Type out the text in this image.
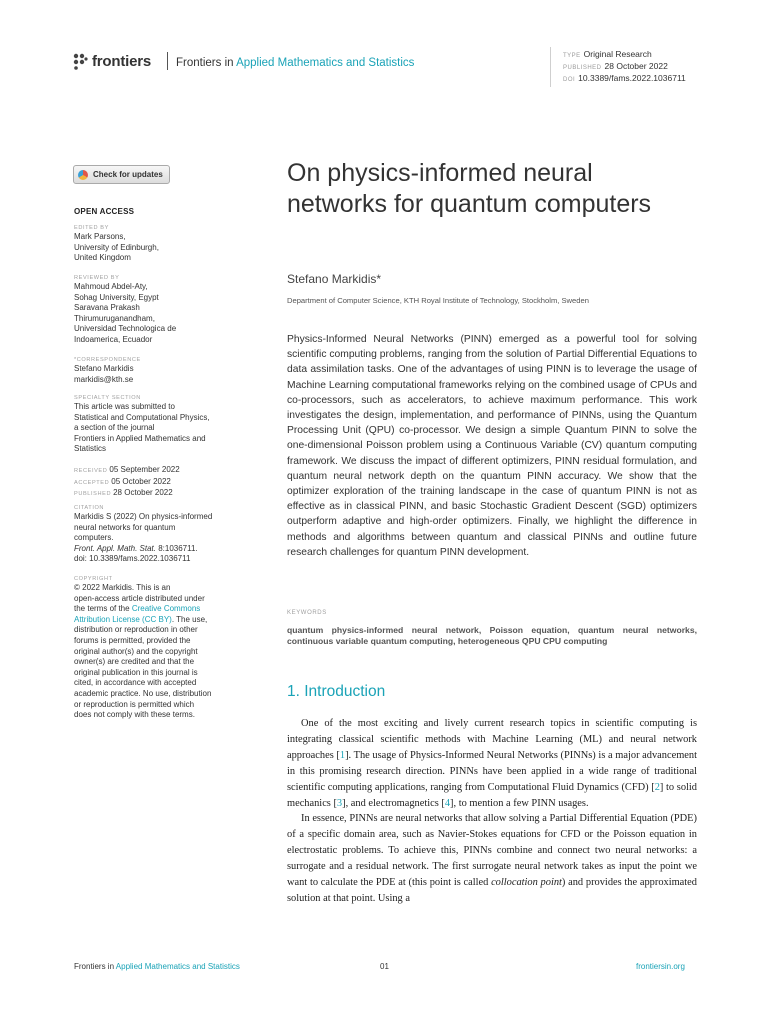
frontiers Frontiers in Applied Mathematics and Statistics
TYPE Original Research
PUBLISHED 28 October 2022
DOI 10.3389/fams.2022.1036711
Check for updates
OPEN ACCESS
EDITED BY
Mark Parsons,
University of Edinburgh,
United Kingdom
REVIEWED BY
Mahmoud Abdel-Aty,
Sohag University, Egypt
Saravana Prakash
Thirumuruganandham,
Universidad Technologica de
Indoamerica, Ecuador
*CORRESPONDENCE
Stefano Markidis
markidis@kth.se
SPECIALTY SECTION
This article was submitted to
Statistical and Computational Physics,
a section of the journal
Frontiers in Applied Mathematics and
Statistics
RECEIVED 05 September 2022
ACCEPTED 05 October 2022
PUBLISHED 28 October 2022
CITATION
Markidis S (2022) On physics-informed
neural networks for quantum
computers.
Front. Appl. Math. Stat. 8:1036711.
doi: 10.3389/fams.2022.1036711
COPYRIGHT
© 2022 Markidis. This is an
open-access article distributed under
the terms of the Creative Commons
Attribution License (CC BY). The use,
distribution or reproduction in other
forums is permitted, provided the
original author(s) and the copyright
owner(s) are credited and that the
original publication in this journal is
cited, in accordance with accepted
academic practice. No use, distribution
or reproduction is permitted which
does not comply with these terms.
On physics-informed neural networks for quantum computers
Stefano Markidis*
Department of Computer Science, KTH Royal Institute of Technology, Stockholm, Sweden
Physics-Informed Neural Networks (PINN) emerged as a powerful tool for solving scientific computing problems, ranging from the solution of Partial Differential Equations to data assimilation tasks. One of the advantages of using PINN is to leverage the usage of Machine Learning computational frameworks relying on the combined usage of CPUs and co-processors, such as accelerators, to achieve maximum performance. This work investigates the design, implementation, and performance of PINNs, using the Quantum Processing Unit (QPU) co-processor. We design a simple Quantum PINN to solve the one-dimensional Poisson problem using a Continuous Variable (CV) quantum computing framework. We discuss the impact of different optimizers, PINN residual formulation, and quantum neural network depth on the quantum PINN accuracy. We show that the optimizer exploration of the training landscape in the case of quantum PINN is not as effective as in classical PINN, and basic Stochastic Gradient Descent (SGD) optimizers outperform adaptive and high-order optimizers. Finally, we highlight the difference in methods and algorithms between quantum and classical PINNs and outline future research challenges for quantum PINN development.
KEYWORDS
quantum physics-informed neural network, Poisson equation, quantum neural networks, continuous variable quantum computing, heterogeneous QPU CPU computing
1. Introduction

One of the most exciting and lively current research topics in scientific computing is integrating classical scientific methods with Machine Learning (ML) and neural network approaches [1]. The usage of Physics-Informed Neural Networks (PINNs) is a major advancement in this promising research direction. PINNs have been applied in a wide range of traditional scientific computing applications, ranging from Computational Fluid Dynamics (CFD) [2] to solid mechanics [3], and electromagnetics [4], to mention a few PINN usages.

In essence, PINNs are neural networks that allow solving a Partial Differential Equation (PDE) of a specific domain area, such as Navier-Stokes equations for CFD or the Poisson equation in electrostatic problems. To achieve this, PINNs combine and connect two neural networks: a surrogate and a residual network. The first surrogate neural network takes as input the point we want to calculate the PDE at (this point is called collocation point) and provides the approximated solution at that point. Using a

Frontiers in Applied Mathematics and Statistics	01	frontiersin.org
